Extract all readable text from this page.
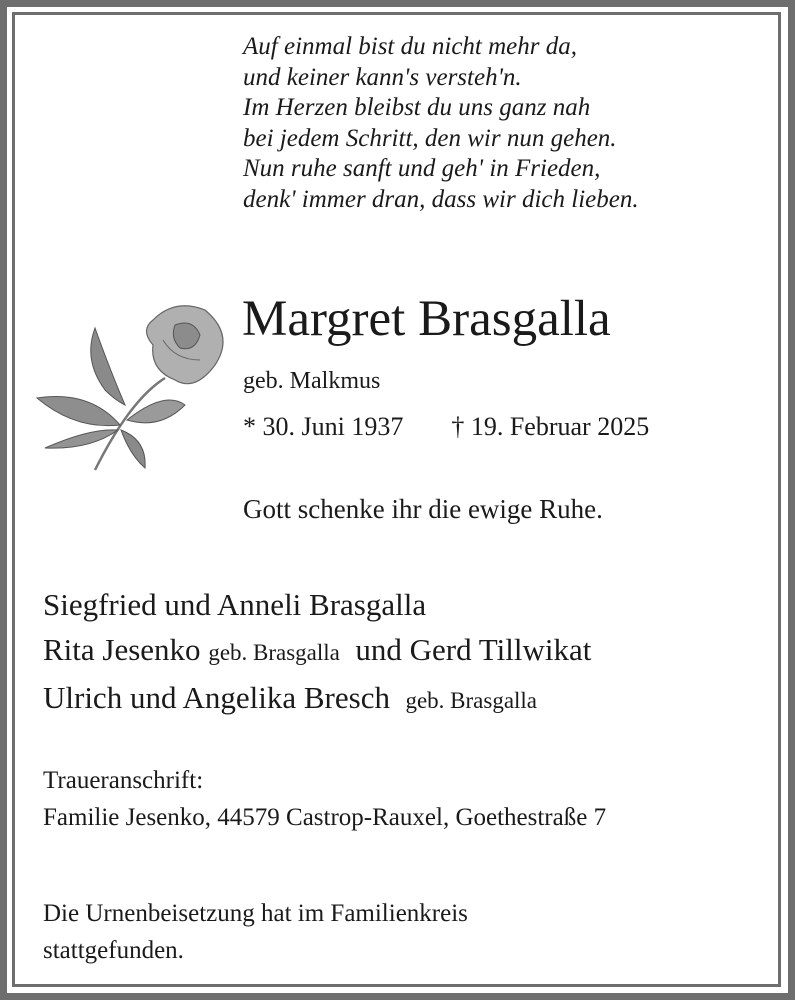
Auf einmal bist du nicht mehr da,
und keiner kann's versteh'n.
Im Herzen bleibst du uns ganz nah
bei jedem Schritt, den wir nun gehen.
Nun ruhe sanft und geh' in Frieden,
denk' immer dran, dass wir dich lieben.
Margret Brasgalla
geb. Malkmus
* 30. Juni 1937 † 19. Februar 2025
Gott schenke ihr die ewige Ruhe.
Siegfried und Anneli Brasgalla
Rita Jesenko geb. Brasgalla und Gerd Tillwikat
Ulrich und Angelika Bresch geb. Brasgalla
Traueranschrift:
Familie Jesenko, 44579 Castrop-Rauxel, Goethestraße 7
Die Urnenbeisetzung hat im Familienkreis
stattgefunden.
